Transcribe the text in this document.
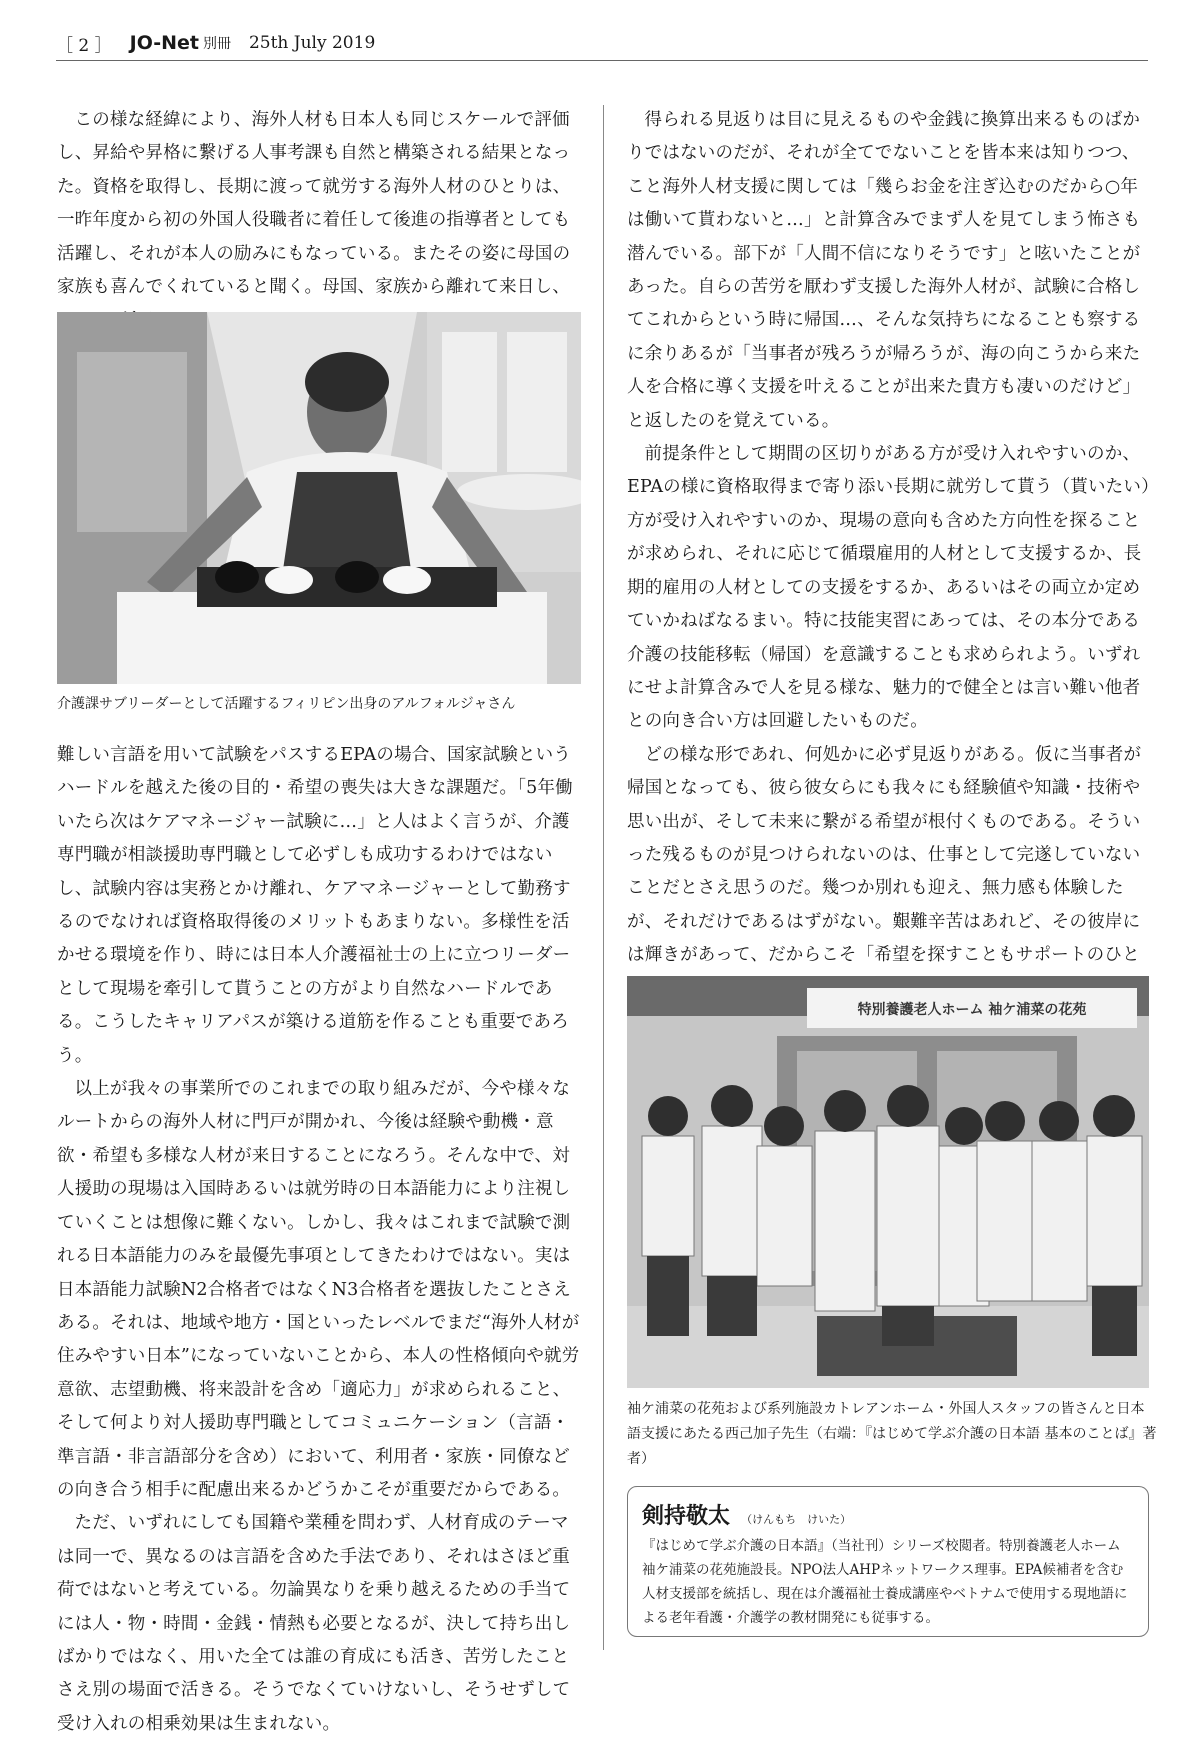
［ 2 ］ JO-Net 別冊 25th July 2019

この様な経緯により、海外人材も日本人も同じスケールで評価し、昇給や昇格に繋げる人事考課も自然と構築される結果となった。資格を取得し、長期に渡って就労する海外人材のひとりは、一昨年度から初の外国人役職者に着任して後進の指導者としても活躍し、それが本人の励みにもなっている。またその姿に母国の家族も喜んでくれていると聞く。母国、家族から離れて来日し、

介護課サブリーダーとして活躍するフィリピン出身のアルフォルジャさん

難しい言語を用いて試験をパスするEPAの場合、国家試験というハードルを越えた後の目的・希望の喪失は大きな課題だ。「5年働いたら次はケアマネージャー試験に…」と人はよく言うが、介護専門職が相談援助専門職として必ずしも成功するわけではないし、試験内容は実務とかけ離れ、ケアマネージャーとして勤務するのでなければ資格取得後のメリットもあまりない。多様性を活かせる環境を作り、時には日本人介護福祉士の上に立つリーダーとして現場を牽引して貰うことの方がより自然なハードルである。こうしたキャリアパスが築ける道筋を作ることも重要であろう。

以上が我々の事業所でのこれまでの取り組みだが、今や様々なルートからの海外人材に門戸が開かれ、今後は経験や動機・意欲・希望も多様な人材が来日することになろう。そんな中で、対人援助の現場は入国時あるいは就労時の日本語能力により注視していくことは想像に難くない。しかし、我々はこれまで試験で測れる日本語能力のみを最優先事項としてきたわけではない。実は日本語能力試験N2合格者ではなくN3合格者を選抜したことさえある。それは、地域や地方・国といったレベルでまだ“海外人材が住みやすい日本”になっていないことから、本人の性格傾向や就労意欲、志望動機、将来設計を含め「適応力」が求められること、そして何より対人援助専門職としてコミュニケーション（言語・準言語・非言語部分を含め）において、利用者・家族・同僚などの向き合う相手に配慮出来るかどうかこそが重要だからである。

ただ、いずれにしても国籍や業種を問わず、人材育成のテーマは同一で、異なるのは言語を含めた手法であり、それはさほど重荷ではないと考えている。勿論異なりを乗り越えるための手当てには人・物・時間・金銭・情熱も必要となるが、決して持ち出しばかりではなく、用いた全ては誰の育成にも活き、苦労したことさえ別の場面で活きる。そうでなくていけないし、そうせずして受け入れの相乗効果は生まれない。

得られる見返りは目に見えるものや金銭に換算出来るものばかりではないのだが、それが全てでないことを皆本来は知りつつ、こと海外人材支援に関しては「幾らお金を注ぎ込むのだから○年は働いて貰わないと…」と計算含みでまず人を見てしまう怖さも潜んでいる。部下が「人間不信になりそうです」と呟いたことがあった。自らの苦労を厭わず支援した海外人材が、試験に合格してこれからという時に帰国…、そんな気持ちになることも察するに余りあるが「当事者が残ろうが帰ろうが、海の向こうから来た人を合格に導く支援を叶えることが出来た貴方も凄いのだけど」と返したのを覚えている。

前提条件として期間の区切りがある方が受け入れやすいのか、EPAの様に資格取得まで寄り添い長期に就労して貰う（貰いたい）方が受け入れやすいのか、現場の意向も含めた方向性を探ることが求められ、それに応じて循環雇用的人材として支援するか、長期的雇用の人材としての支援をするか、あるいはその両立か定めていかねばなるまい。特に技能実習にあっては、その本分である介護の技能移転（帰国）を意識することも求められよう。いずれにせよ計算含みで人を見る様な、魅力的で健全とは言い難い他者との向き合い方は回避したいものだ。

どの様な形であれ、何処かに必ず見返りがある。仮に当事者が帰国となっても、彼ら彼女らにも我々にも経験値や知識・技術や思い出が、そして未来に繋がる希望が根付くものである。そういった残るものが見つけられないのは、仕事として完遂していないことだとさえ思うのだ。幾つか別れも迎え、無力感も体験したが、それだけであるはずがない。艱難辛苦はあれど、その彼岸には輝きがあって、だからこそ「希望を探すこともサポートのひと

特別養護老人ホーム 袖ケ浦菜の花苑
袖ケ浦菜の花苑および系列施設カトレアンホーム・外国人スタッフの皆さんと日本語支援にあたる西己加子先生（右端：『はじめて学ぶ介護の日本語 基本のことば』著者）
剣持敬太 （けんもち　けいた）
『はじめて学ぶ介護の日本語』（当社刊）シリーズ校閲者。特別養護老人ホーム袖ケ浦菜の花苑施設長。NPO法人AHPネットワークス理事。EPA候補者を含む人材支援部を統括し、現在は介護福祉士養成講座やベトナムで使用する現地語による老年看護・介護学の教材開発にも従事する。
